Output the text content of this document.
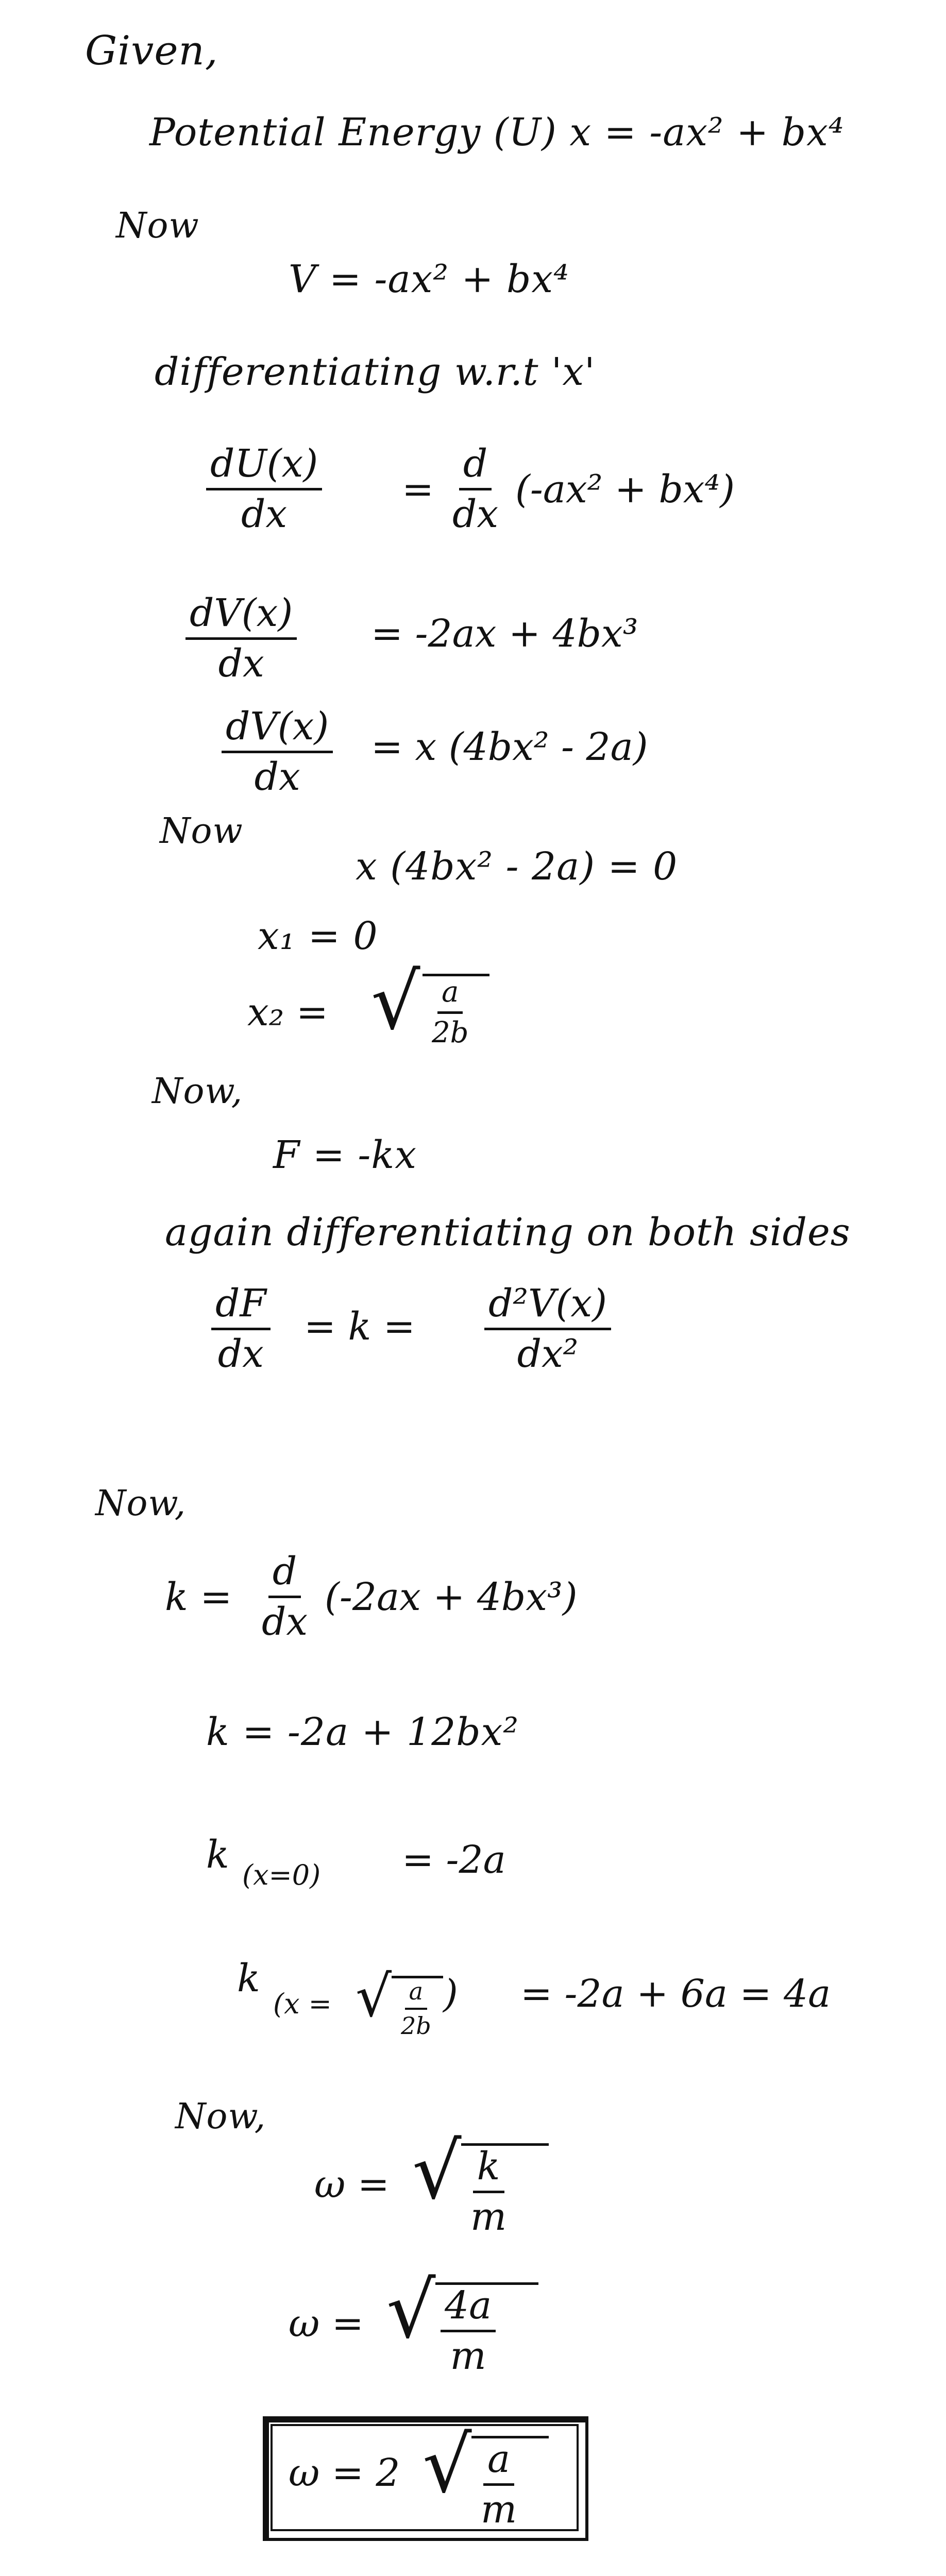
Given,
Potential Energy (U) x = -ax² + bx⁴
Now
V = -ax² + bx⁴
differentiating w.r.t 'x'
$\frac{dU(x)}{dx} = \frac{d}{dx} (-ax^2 + bx^4)$
$\frac{dV(x)}{dx} = -2ax + 4bx^3$
$\frac{dV(x)}{dx} = x$ (4bx² - 2a)
Now
x (4bx² - 2a) = 0
x₁ = 0
x₂ = √ $\frac{a}{2b}$
Now,
F = -kx
again differentiating on both sides
$\frac{dF}{dx} = k = \frac{\text{d²V(x)}}{\text{dx²}}$
Now,
$k = \frac{d}{dx} (-2ax + 4bx^3)$
k = -2a + 12bx²
k (x=0) = -2a
k
(x = √ $\frac{a}{2b}$ ) = -2a + 6a = 4a
Now,
ω = √ $\frac{k}{m}$
ω = √ $\frac{4a}{m}$
ω = 2 √ $\frac{a}{m}$
